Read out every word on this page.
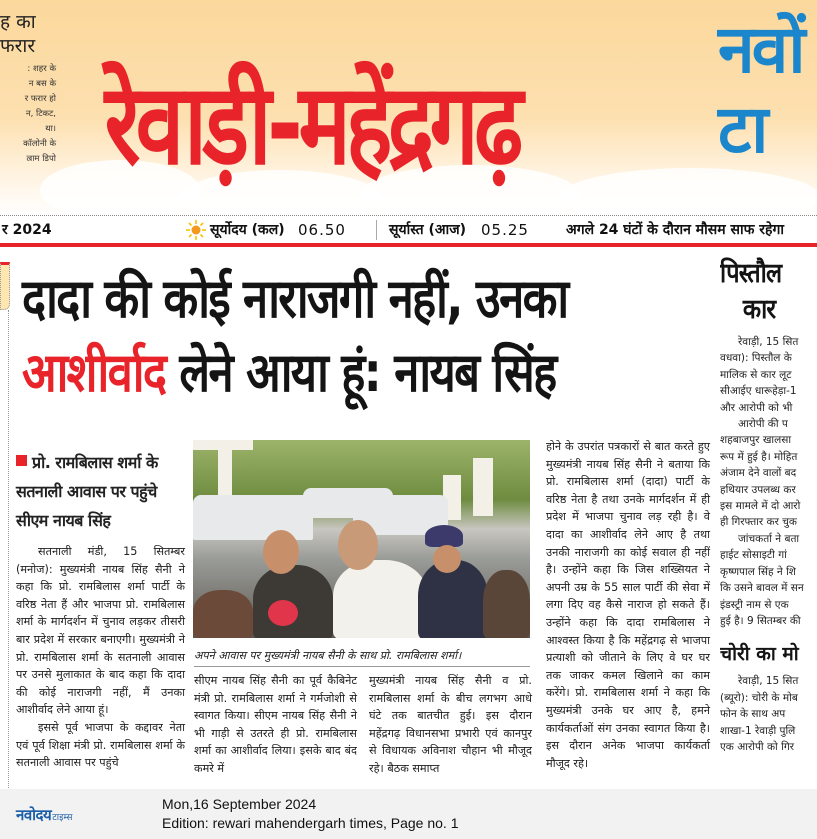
ह का
फरार
: शहर के
न बस के
र फरार हो
न, टिकट,
था।
कॉलोनी के
ल्राम डिपो रेवाड़ी-महेंद्रगढ़
नवों
टा
र 2024	सूर्योदय (कल) 06.50	सूर्यास्त (आज) 05.25	अगले 24 घंटों के दौरान मौसम साफ रहेगा
दादा की कोई नाराजगी नहीं, उनका
आशीर्वाद लेने आया हूं: नायब सिंह
प्रो. रामबिलास शर्मा के सतनाली आवास पर पहुंचे सीएम नायब सिंह

सतनाली मंडी, 15 सितम्बर (मनोज): मुख्यमंत्री नायब सिंह सैनी ने कहा कि प्रो. रामबिलास शर्मा पार्टी के वरिष्ठ नेता हैं और भाजपा प्रो. रामबिलास शर्मा के मार्गदर्शन में चुनाव लड़कर तीसरी बार प्रदेश में सरकार बनाएगी। मुख्यमंत्री ने प्रो. रामबिलास शर्मा के सतनाली आवास पर उनसे मुलाकात के बाद कहा कि दादा की कोई नाराजगी नहीं, मैं उनका आशीर्वाद लेने आया हूं।

इससे पूर्व भाजपा के कद्दावर नेता एवं पूर्व शिक्षा मंत्री प्रो. रामबिलास शर्मा के सतनाली आवास पर पहुंचे

अपने आवास पर मुख्यमंत्री नायब सैनी के साथ प्रो. रामबिलास शर्मा।

सीएम नायब सिंह सैनी का पूर्व कैबिनेट मंत्री प्रो. रामबिलास शर्मा ने गर्मजोशी से स्वागत किया। सीएम नायब सिंह सैनी ने भी गाड़ी से उतरते ही प्रो. रामबिलास शर्मा का आशीर्वाद लिया। इसके बाद बंद कमरे में

मुख्यमंत्री नायब सिंह सैनी व प्रो. रामबिलास शर्मा के बीच लगभग आधे घंटे तक बातचीत हुई। इस दौरान महेंद्रगढ़ विधानसभा प्रभारी एवं कानपुर से विधायक अविनाश चौहान भी मौजूद रहे। बैठक समाप्त

होने के उपरांत पत्रकारों से बात करते हुए मुख्यमंत्री नायब सिंह सैनी ने बताया कि प्रो. रामबिलास शर्मा (दादा) पार्टी के वरिष्ठ नेता है तथा उनके मार्गदर्शन में ही प्रदेश में भाजपा चुनाव लड़ रही है। वे दादा का आशीर्वाद लेने आए है तथा उनकी नाराजगी का कोई सवाल ही नहीं है। उन्होंने कहा कि जिस शख्सियत ने अपनी उम्र के 55 साल पार्टी की सेवा में लगा दिए वह कैसे नाराज हो सकते हैं। उन्होंने कहा कि दादा रामबिलास ने आश्वस्त किया है कि महेंद्रगढ़ से भाजपा प्रत्याशी को जीताने के लिए वे घर घर तक जाकर कमल खिलाने का काम करेंगे। प्रो. रामबिलास शर्मा ने कहा कि मुख्यमंत्री उनके घर आए है, हमने कार्यकर्ताओं संग उनका स्वागत किया है। इस दौरान अनेक भाजपा कार्यकर्ता मौजूद रहे।

पिस्तौल
कार

रेवाड़ी, 15 सित

वधवा): पिस्तौल के
मालिक से कार लूट
सीआईए धारूहेड़ा-1
और आरोपी को भी

आरोपी की प

शहबाजपुर खालसा
रूप में हुई है। मोहित
अंजाम देने वालों बद
हथियार उपलब्ध कर
इस मामले में दो आरो
ही गिरफ्तार कर चुक

जांचकर्ता ने बता

हाईट सोसाइटी गां
कृष्णपाल सिंह ने शि
कि उसने बावल में सन
इंडस्ट्री नाम से एक
हुई है। 9 सितम्बर की
चोरी का मो

रेवाड़ी, 15 सित

(ब्यूरो): चोरी के मोब
फोन के साथ अप
शाखा-1 रेवाड़ी पुलि
एक आरोपी को गिर
नवोदयटाइम्स
Mon,16 September 2024
Edition: rewari mahendergarh times, Page no. 1
